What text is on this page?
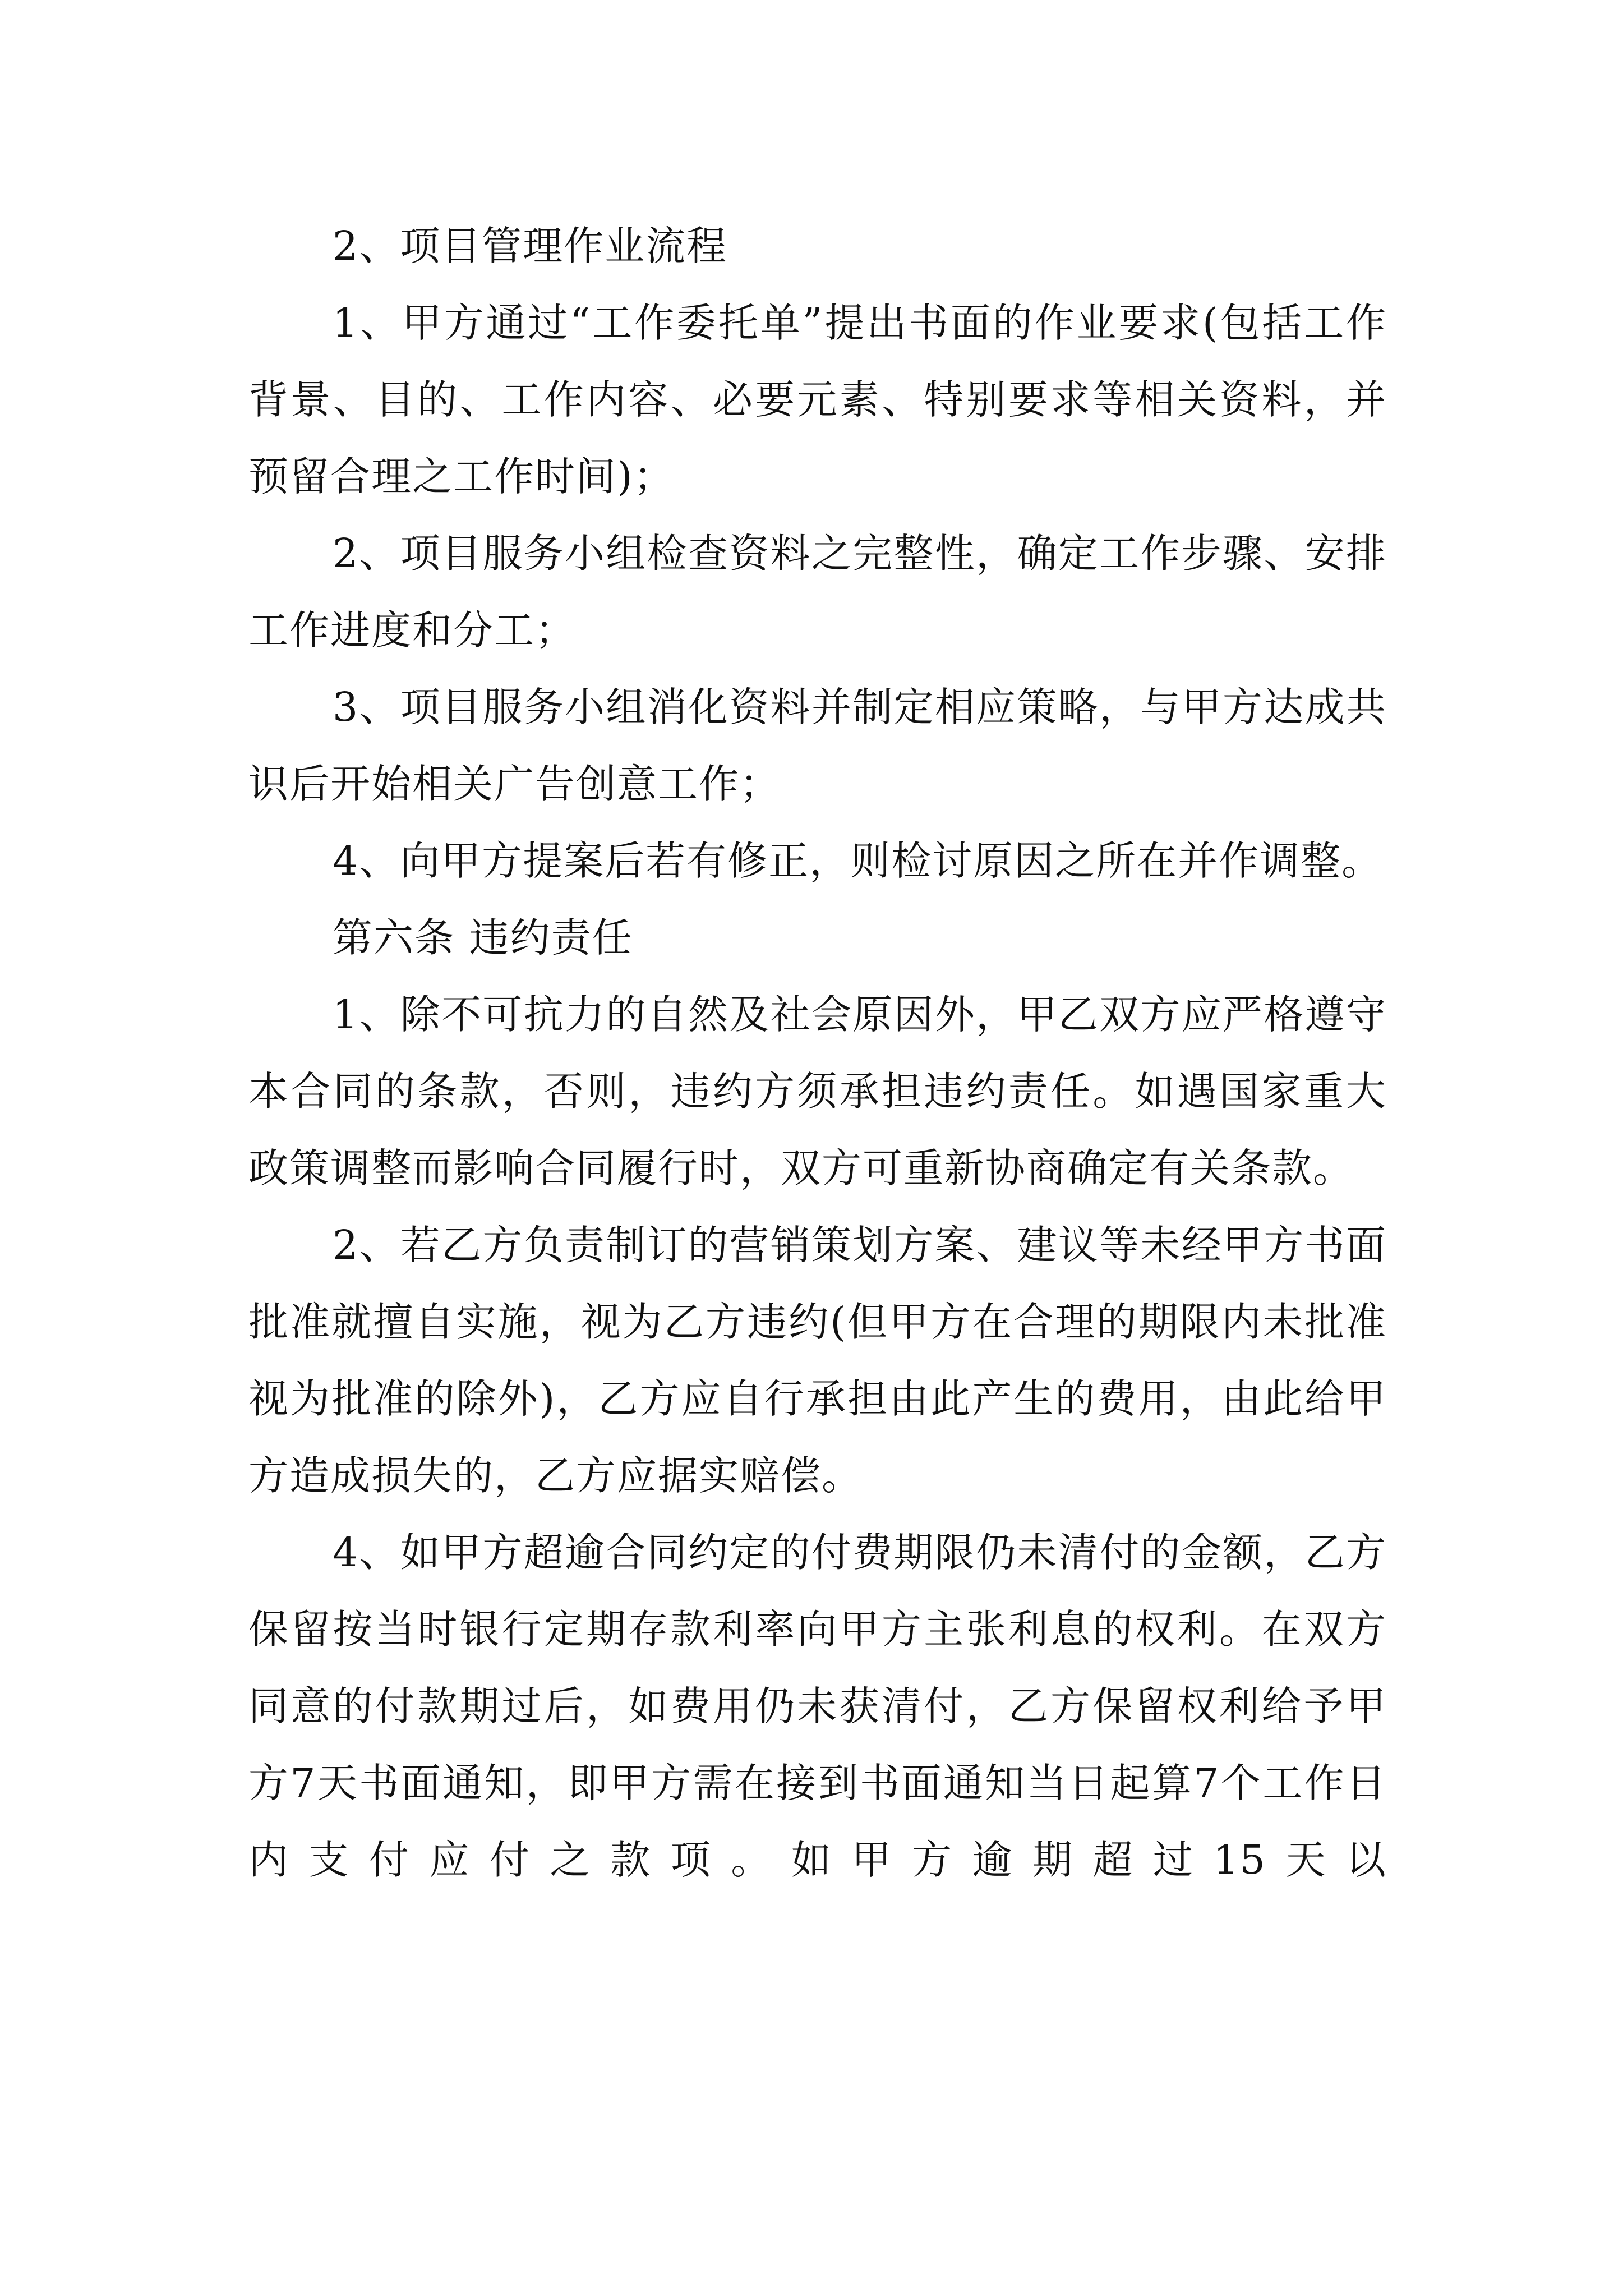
2、项目管理作业流程

1、甲方通过“工作委托单”提出书面的作业要求(包括工作背景、目的、工作内容、必要元素、特别要求等相关资料，并预留合理之工作时间)；

2、项目服务小组检查资料之完整性，确定工作步骤、安排工作进度和分工；

3、项目服务小组消化资料并制定相应策略，与甲方达成共识后开始相关广告创意工作；

4、向甲方提案后若有修正，则检讨原因之所在并作调整。

第六条 违约责任

1、除不可抗力的自然及社会原因外，甲乙双方应严格遵守本合同的条款，否则，违约方须承担违约责任。如遇国家重大政策调整而影响合同履行时，双方可重新协商确定有关条款。

2、若乙方负责制订的营销策划方案、建议等未经甲方书面批准就擅自实施，视为乙方违约(但甲方在合理的期限内未批准视为批准的除外)，乙方应自行承担由此产生的费用，由此给甲方造成损失的，乙方应据实赔偿。

4、如甲方超逾合同约定的付费期限仍未清付的金额，乙方保留按当时银行定期存款利率向甲方主张利息的权利。在双方同意的付款期过后，如费用仍未获清付，乙方保留权利给予甲方7天书面通知，即甲方需在接到书面通知当日起算7个工作日内支付应付之款项。如甲方逾期超过15天以
